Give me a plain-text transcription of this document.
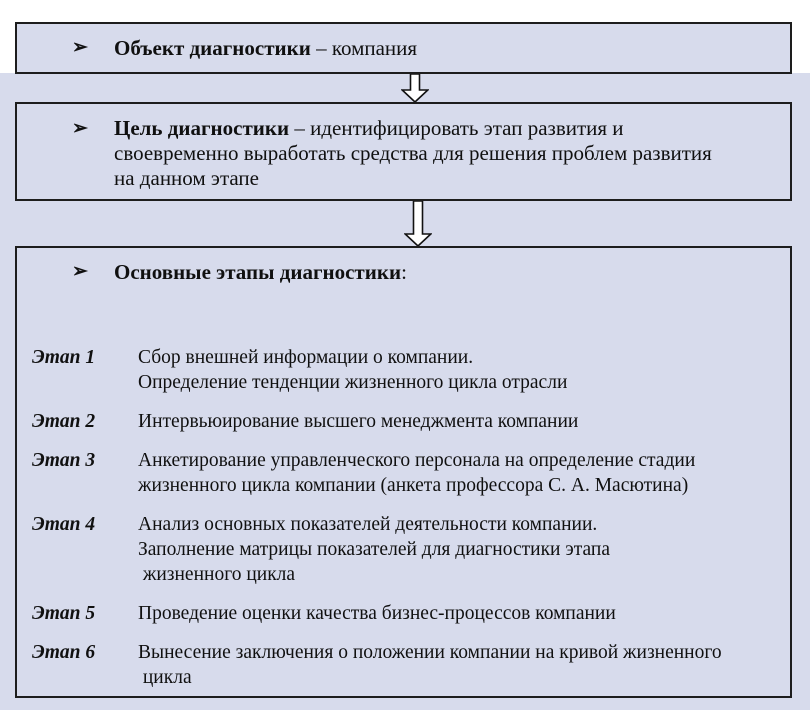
➢	Объект диагностики – компания
➢	Цель диагностики – идентифицировать этап развития и
своевременно выработать средства для решения проблем развития
на данном этапе
➢	Основные этапы диагностики:
Этап 1	Сбор внешней информации о компании.
Определение тенденции жизненного цикла отрасли
Этап 2	Интервьюирование высшего менеджмента компании
Этап 3	Анкетирование управленческого персонала на определение стадии
жизненного цикла компании (анкета профессора С. А. Масютина)
Этап 4	Анализ основных показателей деятельности компании.
Заполнение матрицы показателей для диагностики этапа
жизненного цикла
Этап 5	Проведение оценки качества бизнес-процессов компании
Этап 6	Вынесение заключения о положении компании на кривой жизненного
цикла
